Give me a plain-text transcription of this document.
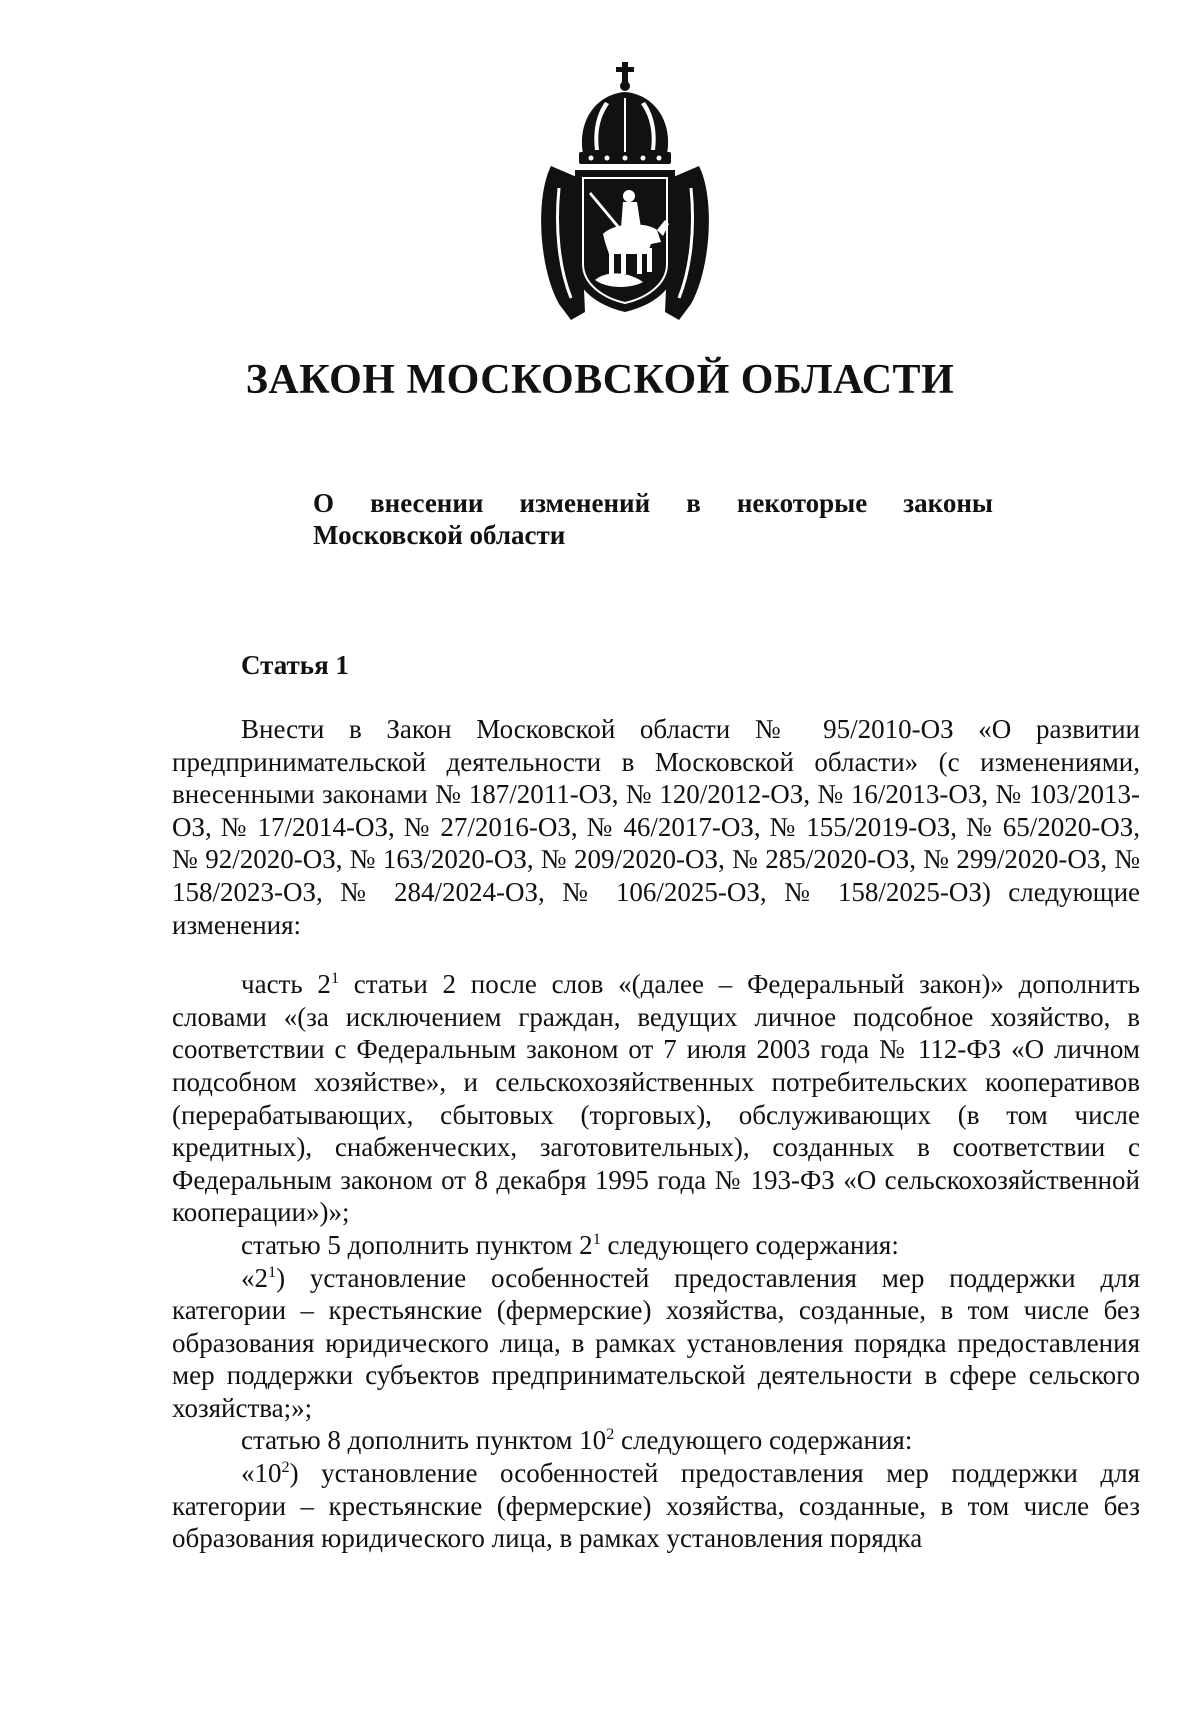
ЗАКОН МОСКОВСКОЙ ОБЛАСТИ
О внесении изменений в некоторые законы
Московской области
Статья 1

Внести в Закон Московской области № 95/2010-ОЗ «О развитии предпринимательской деятельности в Московской области» (с изменениями, внесенными законами № 187/2011-ОЗ, № 120/2012-ОЗ, № 16/2013-ОЗ, № 103/2013-ОЗ, № 17/2014-ОЗ, № 27/2016-ОЗ, № 46/2017-ОЗ, № 155/2019-ОЗ, № 65/2020-ОЗ, № 92/2020-ОЗ, № 163/2020-ОЗ, № 209/2020-ОЗ, № 285/2020-ОЗ, № 299/2020-ОЗ, № 158/2023-ОЗ, № 284/2024-ОЗ, № 106/2025-ОЗ, № 158/2025-ОЗ) следующие изменения:

часть $2^1$ статьи 2 после слов «(далее – Федеральный закон)» дополнить словами «(за исключением граждан, ведущих личное подсобное хозяйство, в соответствии с Федеральным законом от 7 июля 2003 года № 112-ФЗ «О личном подсобном хозяйстве», и сельскохозяйственных потребительских кооперативов (перерабатывающих, сбытовых (торговых), обслуживающих (в том числе кредитных), снабженческих, заготовительных), созданных в соответствии с Федеральным законом от 8 декабря 1995 года № 193-ФЗ «О сельскохозяйственной кооперации»)»;

статью 5 дополнить пунктом $2^1$ следующего содержания:

«$2^1$) установление особенностей предоставления мер поддержки для категории – крестьянские (фермерские) хозяйства, созданные, в том числе без образования юридического лица, в рамках установления порядка предоставления мер поддержки субъектов предпринимательской деятельности в сфере сельского хозяйства;»;

статью 8 дополнить пунктом $10^2$ следующего содержания:

«$10^2$) установление особенностей предоставления мер поддержки для категории – крестьянские (фермерские) хозяйства, созданные, в том числе без образования юридического лица, в рамках установления порядка
